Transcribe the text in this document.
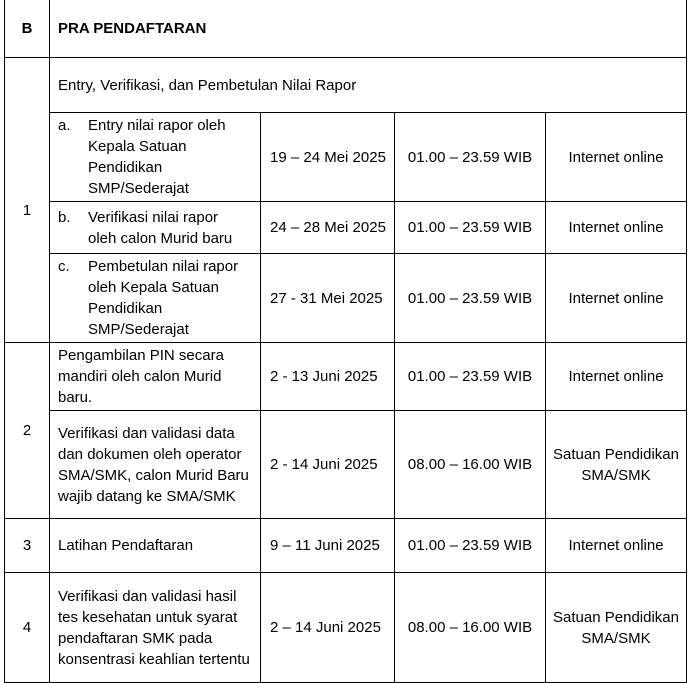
B	PRA PENDAFTARAN			

1	Entry, Verifikasi, dan Pembetulan Nilai Rapor			

	a. Entry nilai rapor oleh Kepala Satuan Pendidikan SMP/Sederajat	19 – 24 Mei 2025	01.00 – 23.59 WIB	Internet online

	b. Verifikasi nilai rapor oleh calon Murid baru	24 – 28 Mei 2025	01.00 – 23.59 WIB	Internet online

	c. Pembetulan nilai rapor oleh Kepala Satuan Pendidikan SMP/Sederajat	27 - 31 Mei 2025	01.00 – 23.59 WIB	Internet online
2	Pengambilan PIN secara mandiri oleh calon Murid baru.	2 - 13 Juni 2025	01.00 – 23.59 WIB	Internet online
	Verifikasi dan validasi data dan dokumen oleh operator SMA/SMK, calon Murid Baru wajib datang ke SMA/SMK	2 - 14 Juni 2025	08.00 – 16.00 WIB	Satuan Pendidikan SMA/SMK
3	Latihan Pendaftaran	9 – 11 Juni 2025	01.00 – 23.59 WIB	Internet online
4	Verifikasi dan validasi hasil tes kesehatan untuk syarat pendaftaran SMK pada konsentrasi keahlian tertentu	2 – 14 Juni 2025	08.00 – 16.00 WIB	Satuan Pendidikan SMA/SMK
